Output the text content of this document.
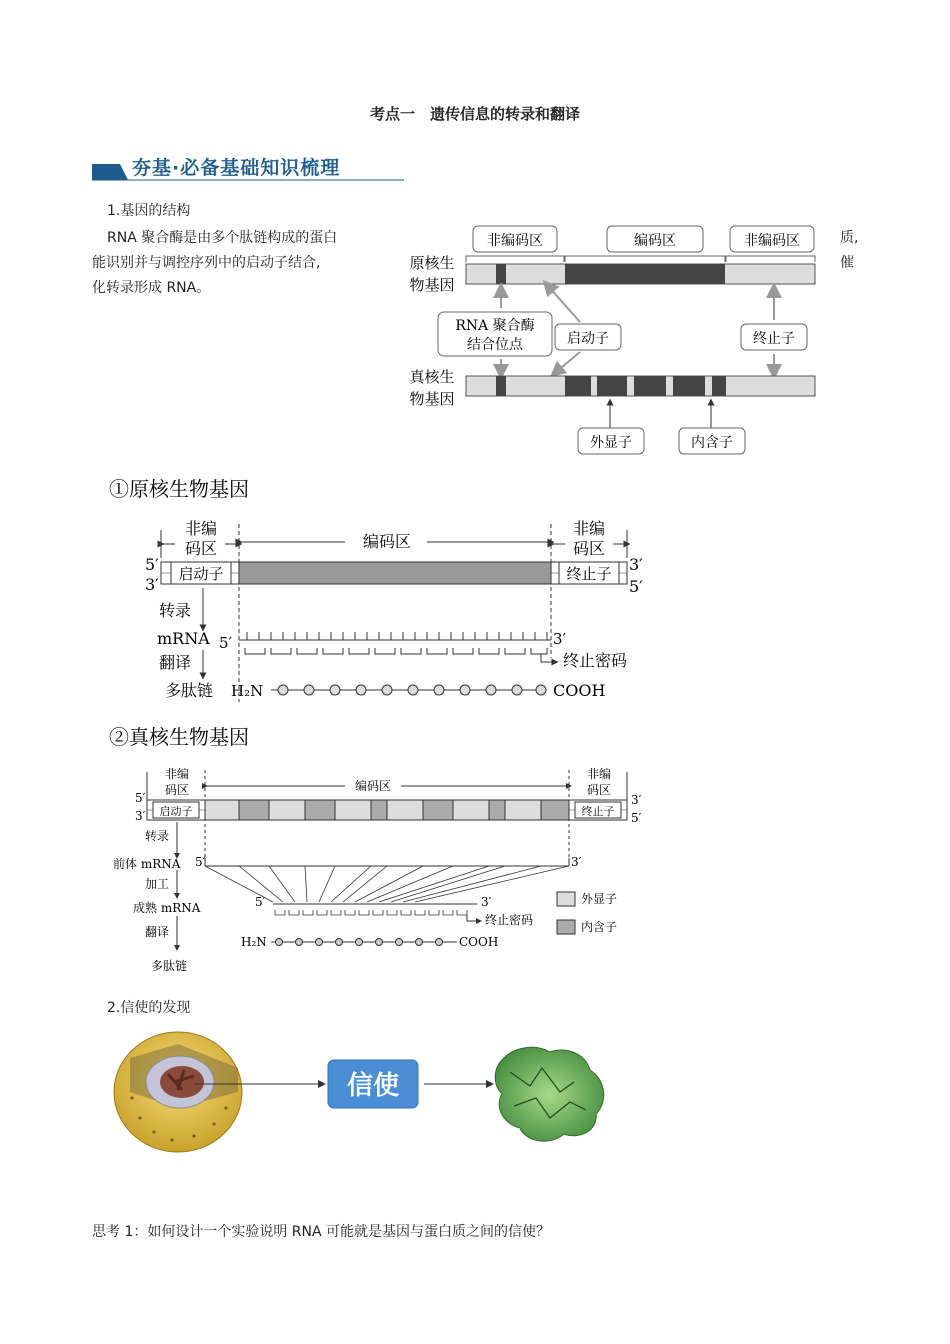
考点一　遗传信息的转录和翻译
夯基·必备基础知识梳理
1.基因的结构
RNA 聚合酶是由多个肽链构成的蛋白
能识别并与调控序列中的启动子结合,
化转录形成 RNA。
质,
催
非编码区	编码区	非编码区
原核生
物基因
RNA 聚合酶
结合位点	启动子	终止子
真核生
物基因
外显子	内含子
①原核生物基因
非编
码区	编码区
非编
码区
5′
3′
启动子	终止子 3′
5′
转录
mRNA 5′	3′
终止密码
翻译
多肽链 H₂N	COOH
②真核生物基因
非编
码区	编码区
非编
码区
5′
3′ 启动子	终止子
3′
5′
转录
前体 mRNA 5′	3′
加工
成熟 mRNA	5′	3′
终止密码
翻译
H₂N	COOH
多肽链
外显子
内含子
2.信使的发现
信使
思考 1：如何设计一个实验说明 RNA 可能就是基因与蛋白质之间的信使？
